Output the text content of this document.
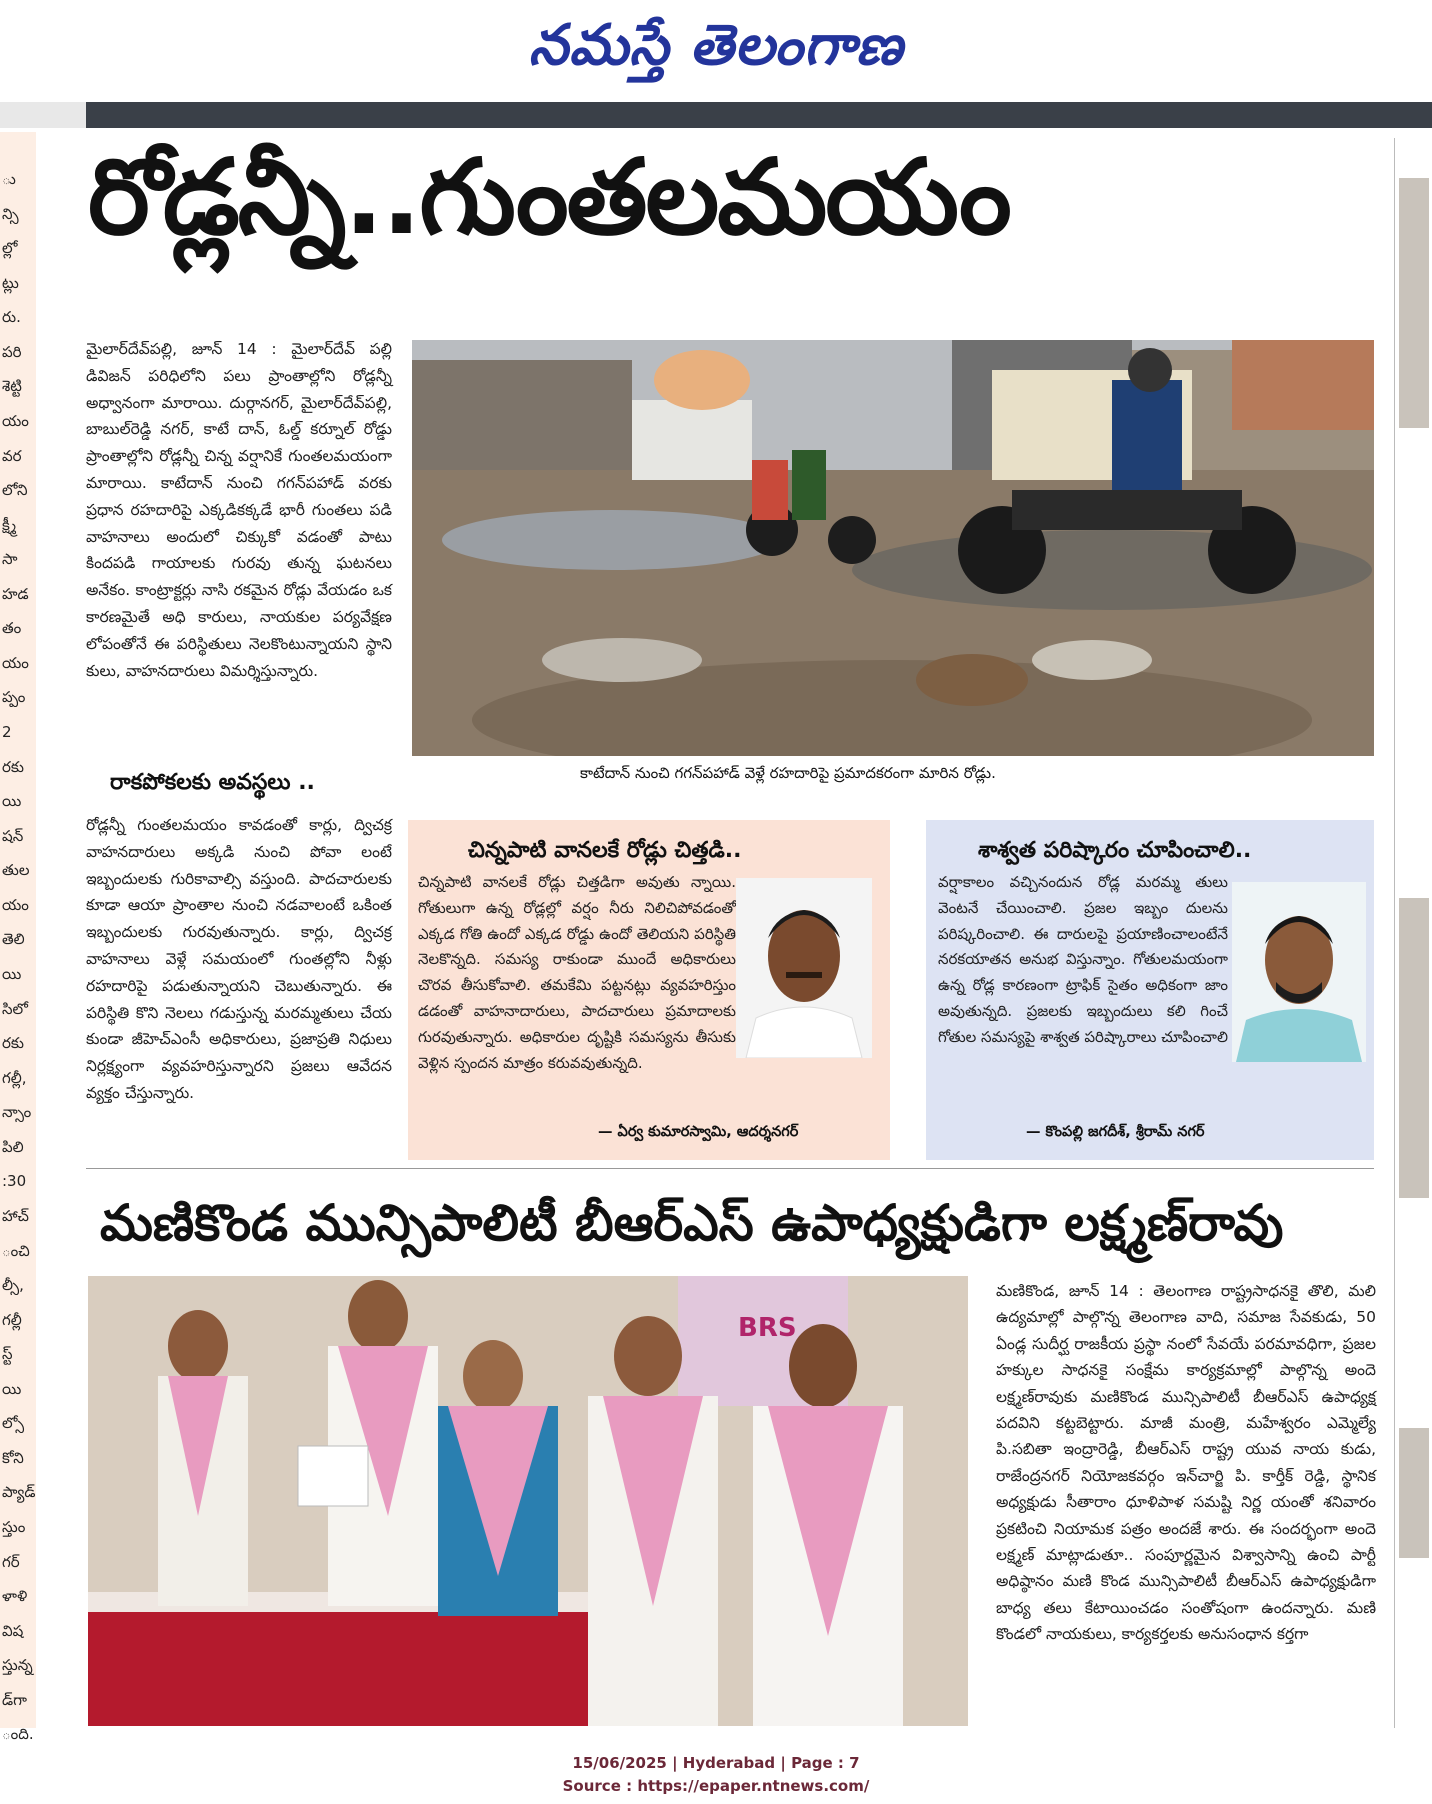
నమస్తే తెలంగాణ
ు
న్సి
ల్లో
ట్లు
రు.
పరి
శెట్టి
యం
వర
లోని
క్ష్మీ
సా
హడ
తం
యం
ప్పం
2
రకు
యి
షన్
తుల
యం
తెలి
యి
సిలో
రకు
గల్లీ,
న్సాం
పిలి
:30
హాచ్
ంచి
ల్సీ,
గల్లీ
స్ట్
యి
ల్సో
కోని
ప్యాడ్
స్తుం
గర్
ళాళి
విష
స్తున్న
డ్‌గా
ంది.
రోడ్లన్నీ..గుంతలమయం
మైలార్‌దేవ్‌పల్లి, జూన్ 14 : మైలార్‌దేవ్ పల్లి డివిజన్ పరిధిలోని పలు ప్రాంతాల్లోని రోడ్లన్నీ అధ్వానంగా మారాయి. దుర్గానగర్, మైలార్‌దేవ్‌పల్లి, బాబుల్‌రెడ్డి నగర్, కాటే దాన్, ఓల్డ్ కర్నూల్ రోడ్డు ప్రాంతాల్లోని రోడ్లన్నీ చిన్న వర్షానికే గుంతలమయంగా మారాయి. కాటేదాన్ నుంచి గగన్‌పహాడ్ వరకు ప్రధాన రహదారిపై ఎక్కడికక్కడే భారీ గుంతలు పడి వాహనాలు అందులో చిక్కుకో వడంతో పాటు కిందపడి గాయాలకు గురవు తున్న ఘటనలు అనేకం. కాంట్రాక్టర్లు నాసి రకమైన రోడ్లు వేయడం ఒక కారణమైతే అధి కారులు, నాయకుల పర్యవేక్షణ లోపంతోనే ఈ పరిస్థితులు నెలకొంటున్నాయని స్థాని కులు, వాహనదారులు విమర్శిస్తున్నారు.
రాకపోకలకు అవస్థలు ..
రోడ్లన్నీ గుంతలమయం కావడంతో కార్లు, ద్విచక్ర వాహనదారులు అక్కడి నుంచి పోవా లంటే ఇబ్బందులకు గురికావాల్సి వస్తుంది. పాదచారులకు కూడా ఆయా ప్రాంతాల నుంచి నడవాలంటే ఒకింత ఇబ్బందులకు గురవుతున్నారు. కార్లు, ద్విచక్ర వాహనాలు వెళ్లే సమయంలో గుంతల్లోని నీళ్లు రహదారిపై పడుతున్నాయని చెబుతున్నారు. ఈ పరిస్థితి కొని నెలలు గడుస్తున్న మరమ్మతులు చేయ కుండా జీహెచ్‌ఎంసీ అధికారులు, ప్రజాప్రతి నిధులు నిర్లక్ష్యంగా వ్యవహరిస్తున్నారని ప్రజలు ఆవేదన వ్యక్తం చేస్తున్నారు.
కాటేదాన్ నుంచి గగన్‌పహాడ్ వెళ్లే రహదారిపై ప్రమాదకరంగా మారిన రోడ్లు.
చిన్నపాటి వానలకే రోడ్లు చిత్తడి..
చిన్నపాటి వానలకే రోడ్లు చిత్తడిగా అవుతు న్నాయి. గోతులుగా ఉన్న రోడ్లల్లో వర్షం నీరు నిలిచిపోవడంతో ఎక్కడ గోతి ఉందో ఎక్కడ రోడ్డు ఉందో తెలియని పరిస్థితి నెలకొన్నది. సమస్య రాకుండా ముందే అధికారులు చొరవ తీసుకోవాలి. తమకేమి పట్టనట్లు వ్యవహరిస్తుం డడంతో వాహనాదారులు, పాదచారులు ప్రమాదాలకు గురవుతున్నారు. అధికారుల దృష్టికి సమస్యను తీసుకు వెళ్లిన స్పందన మాత్రం కరువవుతున్నది.
— ఏర్వ కుమారస్వామి, ఆదర్శనగర్
శాశ్వత పరిష్కారం చూపించాలి..
వర్షాకాలం వచ్చినందున రోడ్ల మరమ్మ తులు వెంటనే చేయించాలి. ప్రజల ఇబ్బం దులను పరిష్కరించాలి. ఈ దారులపై ప్రయాణించాలంటేనే నరకయాతన అనుభ విస్తున్నాం. గోతులమయంగా ఉన్న రోడ్ల కారణంగా ట్రాఫిక్ సైతం అధికంగా జాం అవుతున్నది. ప్రజలకు ఇబ్బందులు కలి గించే గోతుల సమస్యపై శాశ్వత పరిష్కారాలు చూపించాలి
— కొంపల్లి జగదీశ్, శ్రీరామ్ నగర్
మణికొండ మున్సిపాలిటీ బీఆర్‌ఎస్ ఉపాధ్యక్షుడిగా లక్ష్మణ్‌రావు
BRS
మణికొండ, జూన్ 14 : తెలంగాణ రాష్ట్రసాధనకై తొలి, మలి ఉద్యమాల్లో పాల్గొన్న తెలంగాణ వాది, సమాజ సేవకుడు, 50 ఏండ్ల సుదీర్ఘ రాజకీయ ప్రస్థా నంలో సేవయే పరమావధిగా, ప్రజల హక్కుల సాధనకై సంక్షేమ కార్యక్రమాల్లో పాల్గొన్న అందె లక్ష్మణ్‌రావుకు మణికొండ మున్సిపాలిటీ బీఆర్‌ఎస్ ఉపాధ్యక్ష పదవిని కట్టబెట్టారు. మాజీ మంత్రి, మహేశ్వరం ఎమ్మెల్యే పి.సబితా ఇంద్రారెడ్డి, బీఆర్‌ఎస్ రాష్ట్ర యువ నాయ కుడు, రాజేంద్రనగర్ నియోజకవర్గం ఇన్‌చార్జి పి. కార్తీక్ రెడ్డి, స్థానిక అధ్యక్షుడు సీతారాం ధూళిపాళ సమష్టి నిర్ణ యంతో శనివారం ప్రకటించి నియామక పత్రం అందజే శారు. ఈ సందర్భంగా అందె లక్ష్మణ్ మాట్లాడుతూ.. సంపూర్ణమైన విశ్వాసాన్ని ఉంచి పార్టీ అధిష్ఠానం మణి కొండ మున్సిపాలిటీ బీఆర్‌ఎస్ ఉపాధ్యక్షుడిగా బాధ్య తలు కేటాయించడం సంతోషంగా ఉందన్నారు. మణి కొండలో నాయకులు, కార్యకర్తలకు అనుసంధాన కర్తగా
15/06/2025 | Hyderabad | Page : 7
Source : https://epaper.ntnews.com/
